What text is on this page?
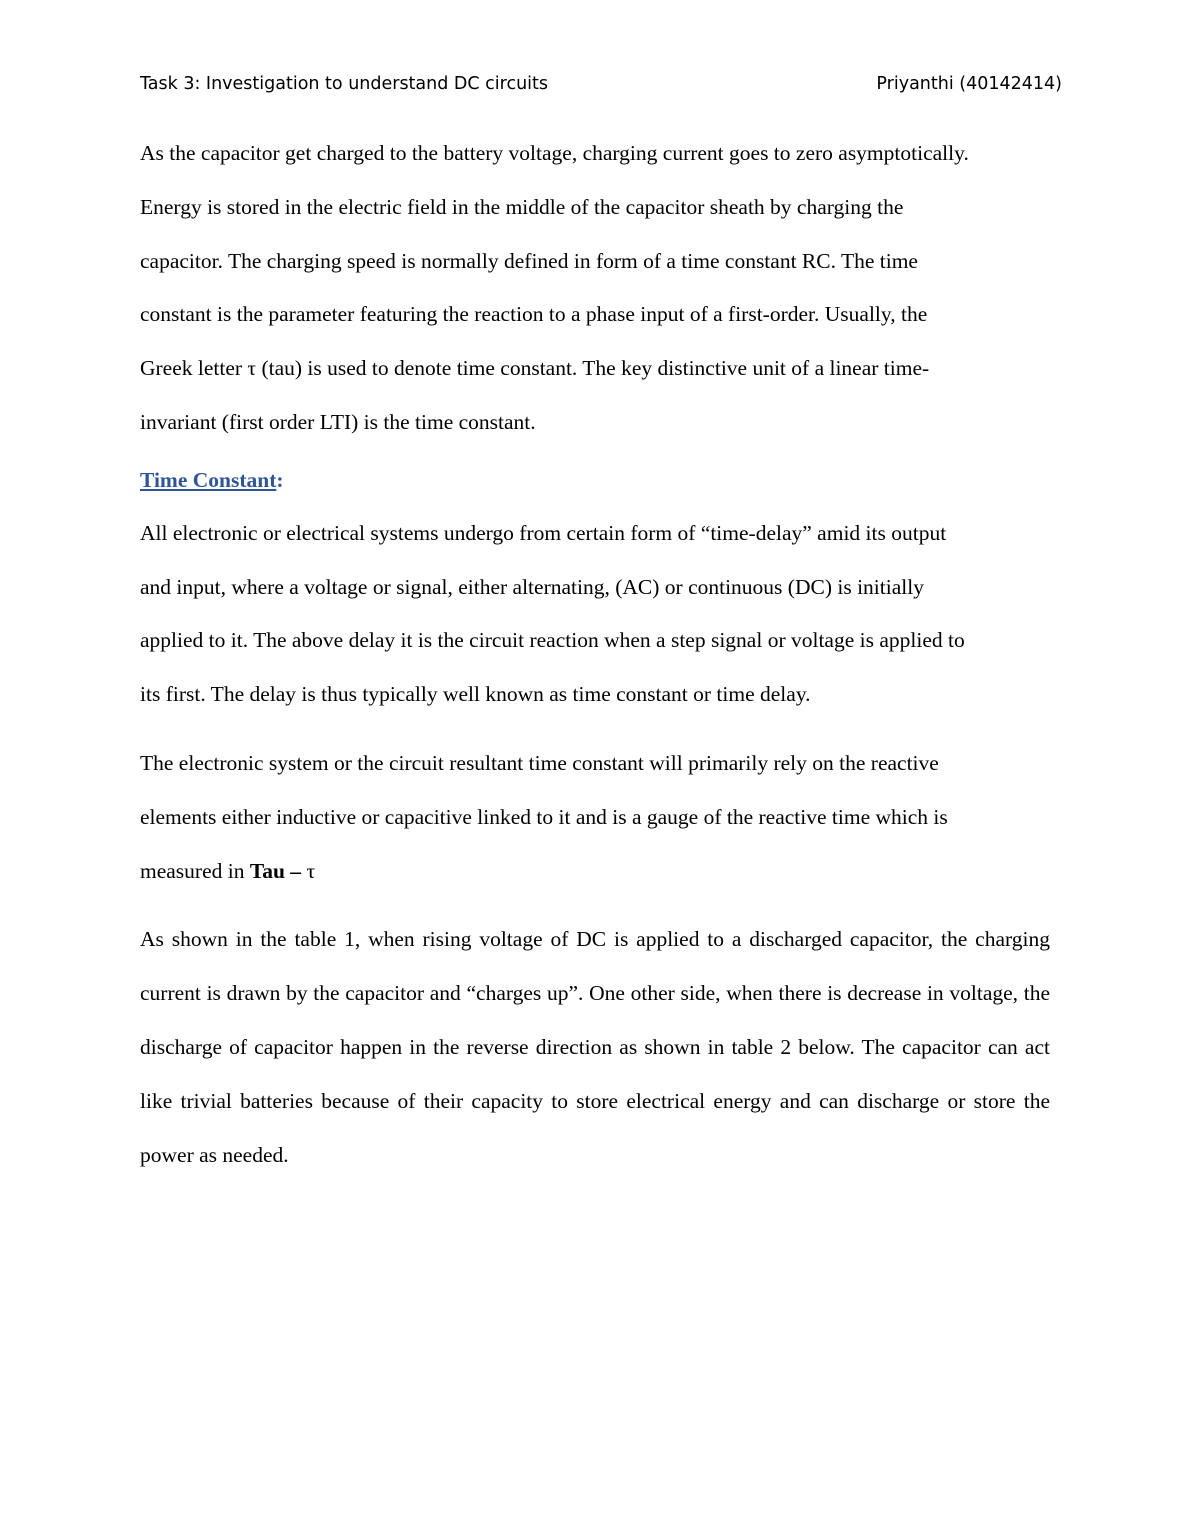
Task 3: Investigation to understand DC circuits	Priyanthi (40142414)

As the capacitor get charged to the battery voltage, charging current goes to zero asymptotically.
Energy is stored in the electric field in the middle of the capacitor sheath by charging the
capacitor. The charging speed is normally defined in form of a time constant RC. The time
constant is the parameter featuring the reaction to a phase input of a first-order. Usually, the
Greek letter τ (tau) is used to denote time constant. The key distinctive unit of a linear time-
invariant (first order LTI) is the time constant.

Time Constant:

All electronic or electrical systems undergo from certain form of “time-delay” amid its output
and input, where a voltage or signal, either alternating, (AC) or continuous (DC) is initially
applied to it. The above delay it is the circuit reaction when a step signal or voltage is applied to
its first. The delay is thus typically well known as time constant or time delay.

The electronic system or the circuit resultant time constant will primarily rely on the reactive
elements either inductive or capacitive linked to it and is a gauge of the reactive time which is
measured in Tau – τ

As shown in the table 1, when rising voltage of DC is applied to a discharged capacitor, the charging current is drawn by the capacitor and “charges up”. One other side, when there is decrease in voltage, the discharge of capacitor happen in the reverse direction as shown in table 2 below. The capacitor can act like trivial batteries because of their capacity to store electrical energy and can discharge or store the power as needed.
